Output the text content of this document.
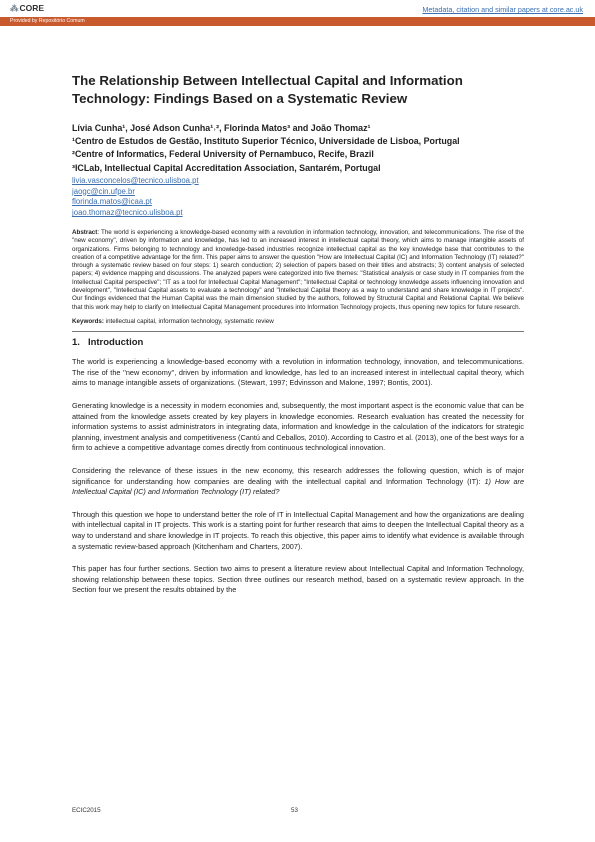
⁂ CORE	Metadata, citation and similar papers at core.ac.uk
Provided by Repositório Comum
The Relationship Between Intellectual Capital and Information Technology: Findings Based on a Systematic Review
Lívia Cunha¹, José Adson Cunha¹˒², Florinda Matos³ and João Thomaz¹
¹Centro de Estudos de Gestão, Instituto Superior Técnico, Universidade de Lisboa, Portugal
²Centre of Informatics, Federal University of Pernambuco, Recife, Brazil
³ICLab, Intellectual Capital Accreditation Association, Santarém, Portugal
livia.vasconcelos@tecnico.ulisboa.pt
jaogc@cin.ufpe.br
florinda.matos@icaa.pt
joao.thomaz@tecnico.ulisboa.pt
Abstract: The world is experiencing a knowledge-based economy with a revolution in information technology, innovation, and telecommunications. The rise of the "new economy", driven by information and knowledge, has led to an increased interest in intellectual capital theory, which aims to manage intangible assets of organizations. Firms belonging to technology and knowledge-based industries recognize intellectual capital as the key knowledge base that contributes to the creation of a competitive advantage for the firm. This paper aims to answer the question "How are Intellectual Capital (IC) and Information Technology (IT) related?" through a systematic review based on four steps: 1) search conduction; 2) selection of papers based on their titles and abstracts; 3) content analysis of selected papers; 4) evidence mapping and discussions. The analyzed papers were categorized into five themes: "Statistical analysis or case study in IT companies from the Intellectual Capital perspective"; "IT as a tool for Intellectual Capital Management"; "Intellectual Capital or technology knowledge assets influencing innovation and development", "Intellectual Capital assets to evaluate a technology" and "Intellectual Capital theory as a way to understand and share knowledge in IT projects". Our findings evidenced that the Human Capital was the main dimension studied by the authors, followed by Structural Capital and Relational Capital. We believe that this work may help to clarify on Intellectual Capital Management procedures into Information Technology projects, thus opening new topics for future research.
Keywords: intellectual capital, information technology, systematic review
1. Introduction

The world is experiencing a knowledge-based economy with a revolution in information technology, innovation, and telecommunications. The rise of the ''new economy'', driven by information and knowledge, has led to an increased interest in intellectual capital theory, which aims to manage intangible assets of organizations. (Stewart, 1997; Edvinsson and Malone, 1997; Bontis, 2001).

Generating knowledge is a necessity in modern economies and, subsequently, the most important aspect is the economic value that can be attained from the knowledge assets created by key players in knowledge economies. Research evaluation has created the necessity for information systems to assist administrators in integrating data, information and knowledge in the calculation of the indicators for strategic planning, investment analysis and competitiveness (Cantú and Ceballos, 2010). According to Castro et al. (2013), one of the best ways for a firm to achieve a competitive advantage comes directly from continuous technological innovation.

Considering the relevance of these issues in the new economy, this research addresses the following question, which is of major significance for understanding how companies are dealing with the intellectual capital and Information Technology (IT): 1) How are Intellectual Capital (IC) and Information Technology (IT) related?

Through this question we hope to understand better the role of IT in Intellectual Capital Management and how the organizations are dealing with intellectual capital in IT projects. This work is a starting point for further research that aims to deepen the Intellectual Capital theory as a way to understand and share knowledge in IT projects. To reach this objective, this paper aims to identify what evidence is available through a systematic review-based approach (Kitchenham and Charters, 2007).

This paper has four further sections. Section two aims to present a literature review about Intellectual Capital and Information Technology, showing relationship between these topics. Section three outlines our research method, based on a systematic review approach. In the Section four we present the results obtained by the

ECIC2015	53
